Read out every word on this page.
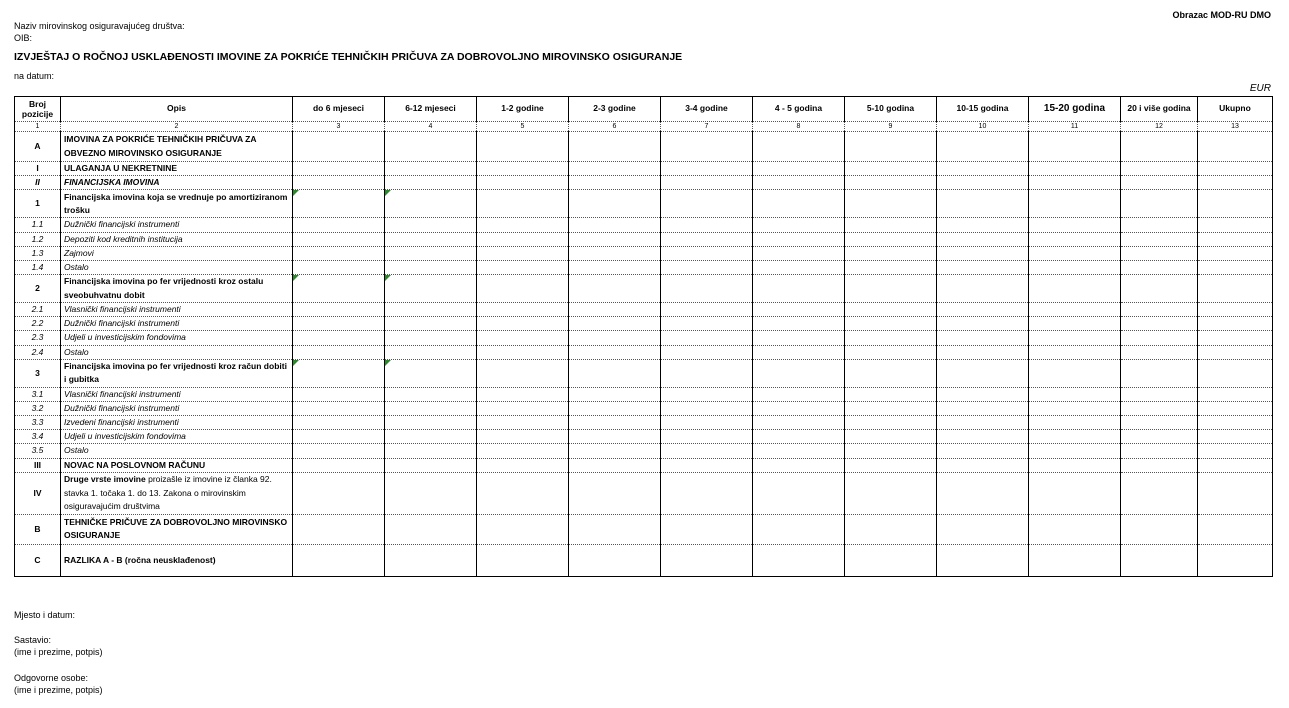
Obrazac MOD-RU DMO
Naziv mirovinskog osiguravajućeg društva:
OIB:
IZVJEŠTAJ O ROČNOJ USKLAĐENOSTI IMOVINE ZA POKRIĆE TEHNIČKIH PRIČUVA ZA DOBROVOLJNO MIROVINSKO OSIGURANJE
na datum:
EUR
Broj pozicije	Opis	do 6 mjeseci	6-12 mjeseci	1-2 godine	2-3 godine	3-4 godine	4 - 5 godina	5-10 godina	10-15 godina	15-20 godina	20 i više godina	Ukupno
1	2	3	4	5	6	7	8	9	10	11	12	13
A	IMOVINA ZA POKRIĆE TEHNIČKIH PRIČUVA ZA OBVEZNO MIROVINSKO OSIGURANJE											
I	ULAGANJA U NEKRETNINE											
II	FINANCIJSKA IMOVINA											
1	Financijska imovina koja se vrednuje po amortiziranom trošku	

1.1	Dužnički financijski instrumenti											
1.2	Depoziti kod kreditnih institucija											
1.3	Zajmovi											
1.4	Ostalo											
2	Financijska imovina po fer vrijednosti kroz ostalu sveobuhvatnu dobit	

2.1	Vlasnički financijski instrumenti											
2.2	Dužnički financijski instrumenti											
2.3	Udjeli u investicijskim fondovima											
2.4	Ostalo											
3	Financijska imovina po fer vrijednosti kroz račun dobiti i gubitka	

3.1	Vlasnički financijski instrumenti											
3.2	Dužnički financijski instrumenti											
3.3	Izvedeni financijski instrumenti											
3.4	Udjeli u investicijskim fondovima											
3.5	Ostalo											
III	NOVAC NA POSLOVNOM RAČUNU											
IV	Druge vrste imovine proizašle iz imovine iz članka 92. stavka 1. točaka 1. do 13. Zakona o mirovinskim osiguravajućim društvima											
B	TEHNIČKE PRIČUVE ZA DOBROVOLJNO MIROVINSKO OSIGURANJE											
C	RAZLIKA A - B (ročna neusklađenost)											
Mjesto i datum:
Sastavio:
(ime i prezime, potpis)
Odgovorne osobe:
(ime i prezime, potpis)
